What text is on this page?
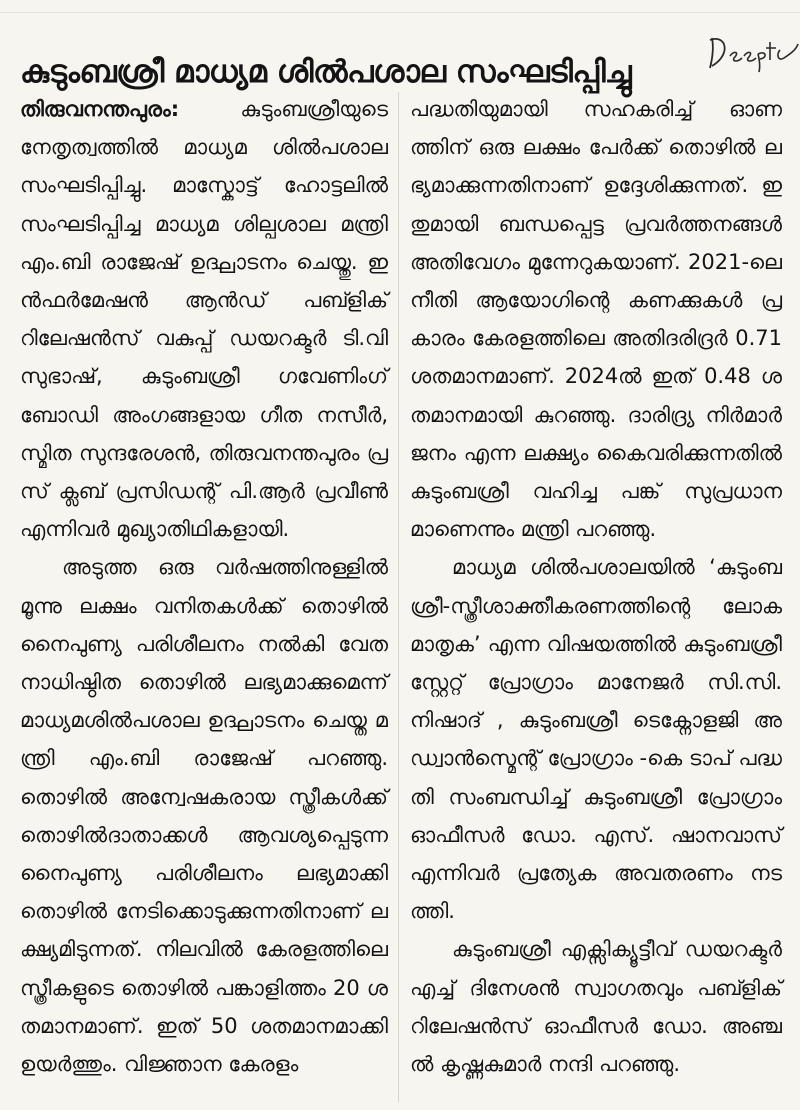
കുടുംബശ്രീ മാധ്യമ ശിൽപശാല സംഘടിപ്പിച്ചു

തിരുവനന്തപുരം: കുടുംബശ്രീയുടെ നേതൃത്വത്തിൽ മാധ്യമ ശിൽപശാല സംഘടിപ്പിച്ചു. മാസ്കോട്ട് ഹോട്ടലിൽ സംഘടിപ്പിച്ച മാധ്യമ ശില്പശാല മന്ത്രി എം.ബി രാജേഷ് ഉദ്ഘാടനം ചെയ്തു. ഇൻഫർമേഷൻ ആൻഡ് പബ്ളിക് റിലേഷൻസ് വകുപ്പ് ഡയറക്ടർ ടി.വി സുഭാഷ്, കുടുംബശ്രീ ഗവേണിംഗ് ബോഡി അംഗങ്ങളായ ഗീത നസീർ, സ്മിത സുന്ദരേശൻ, തിരുവനന്തപുരം പ്രസ് ക്ലബ് പ്രസിഡന്റ് പി.ആർ പ്രവീൺ എന്നിവർ മുഖ്യാതിഥികളായി.

അടുത്ത ഒരു വർഷത്തിനുള്ളിൽ മൂന്നു ലക്ഷം വനിതകൾക്ക് തൊഴിൽ നൈപുണ്യ പരിശീലനം നൽകി വേതനാധിഷ്ഠിത തൊഴിൽ ലഭ്യമാക്കുമെന്ന് മാധ്യമശിൽപശാല ഉദ്ഘാടനം ചെയ്ത മന്ത്രി എം.ബി രാജേഷ് പറഞ്ഞു. തൊഴിൽ അന്വേഷകരായ സ്ത്രീകൾക്ക് തൊഴിൽദാതാക്കൾ ആവശ്യപ്പെടുന്ന നൈപുണ്യ പരിശീലനം ലഭ്യമാക്കി തൊഴിൽ നേടിക്കൊടുക്കുന്നതിനാണ് ലക്ഷ്യമിടുന്നത്. നിലവിൽ കേരളത്തിലെ സ്ത്രീകളുടെ തൊഴിൽ പങ്കാളിത്തം 20 ശതമാനമാണ്. ഇത് 50 ശതമാനമാക്കി ഉയർത്തും. വിജ്ഞാന കേരളം

പദ്ധതിയുമായി സഹകരിച്ച് ഓണത്തിന് ഒരു ലക്ഷം പേർക്ക് തൊഴിൽ ലഭ്യമാക്കുന്നതിനാണ് ഉദ്ദേശിക്കുന്നത്. ഇതുമായി ബന്ധപ്പെട്ട പ്രവർത്തനങ്ങൾ അതിവേഗം മുന്നേറുകയാണ്. 2021-ലെ നീതി ആയോഗിന്റെ കണക്കുകൾ പ്രകാരം കേരളത്തിലെ അതിദരിദ്രർ 0.71 ശതമാനമാണ്. 2024ൽ ഇത് 0.48 ശതമാനമായി കുറഞ്ഞു. ദാരിദ്ര്യ നിർമാർജനം എന്ന ലക്ഷ്യം കൈവരിക്കുന്നതിൽ കുടുംബശ്രീ വഹിച്ച പങ്ക് സുപ്രധാനമാണെന്നും മന്ത്രി പറഞ്ഞു.

മാധ്യമ ശിൽപശാലയിൽ ‘കുടുംബശ്രീ-സ്ത്രീശാക്തീകരണത്തിന്റെ ലോക മാതൃക’ എന്ന വിഷയത്തിൽ കുടുംബശ്രീ സ്റ്റേറ്റ് പ്രോഗ്രാം മാനേജർ സി.സി.നിഷാദ് , കുടുംബശ്രീ ടെക്നോളജി അഡ്വാൻസ്മെന്റ് പ്രോഗ്രാം -കെ ടാപ് പദ്ധതി സംബന്ധിച്ച് കുടുംബശ്രീ പ്രോഗ്രാം ഓഫീസർ ഡോ. എസ്. ഷാനവാസ് എന്നിവർ പ്രത്യേക അവതരണം നടത്തി.

കുടുംബശ്രീ എക്സിക്യൂട്ടീവ് ഡയറക്ടർ എച്ച് ദിനേശൻ സ്വാഗതവും പബ്ളിക് റിലേഷൻസ് ഓഫീസർ ഡോ. അഞ്ചൽ കൃഷ്ണകുമാർ നന്ദി പറഞ്ഞു.
